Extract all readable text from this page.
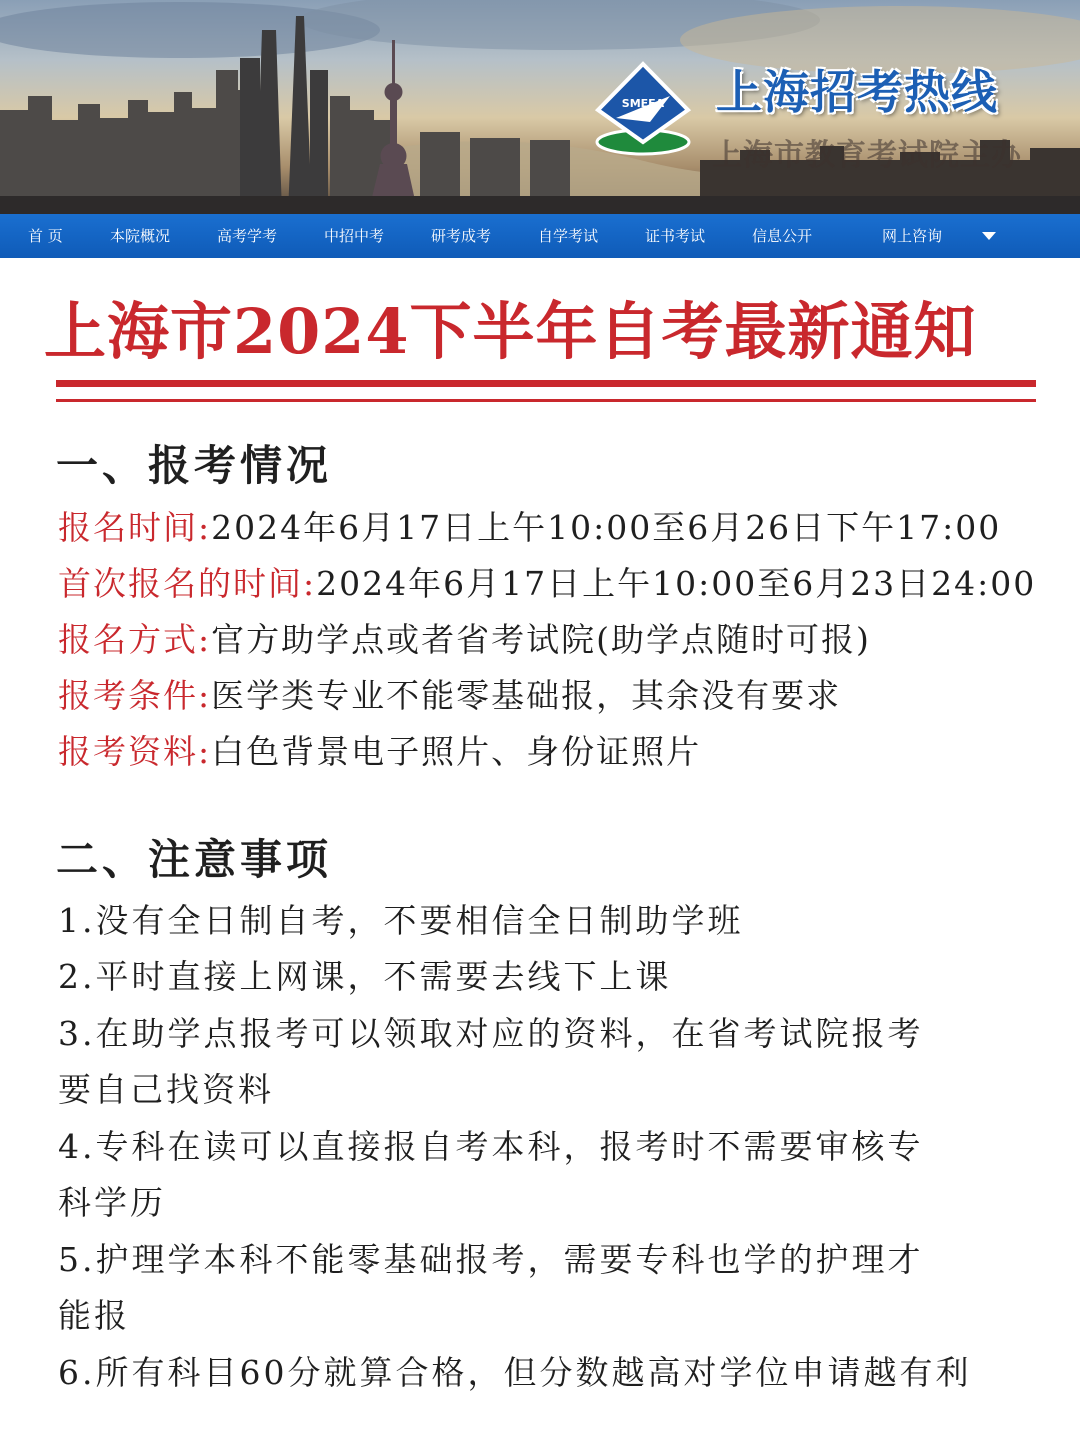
SMEEA 上海招考热线
上海市教育考试院主办
首 页	本院概况	高考学考	中招中考	研考成考	自学考试	证书考试	信息公开	网上咨询
上海市2024下半年自考最新通知
一、报考情况
报名时间:2024年6月17日上午10:00至6月26日下午17:00
首次报名的时间:2024年6月17日上午10:00至6月23日24:00
报名方式:官方助学点或者省考试院(助学点随时可报)
报考条件:医学类专业不能零基础报，其余没有要求
报考资料:白色背景电子照片、身份证照片
二、注意事项
1.没有全日制自考，不要相信全日制助学班
2.平时直接上网课，不需要去线下上课
3.在助学点报考可以领取对应的资料，在省考试院报考
要自己找资料
4.专科在读可以直接报自考本科，报考时不需要审核专
科学历
5.护理学本科不能零基础报考，需要专科也学的护理才
能报
6.所有科目60分就算合格，但分数越高对学位申请越有利
